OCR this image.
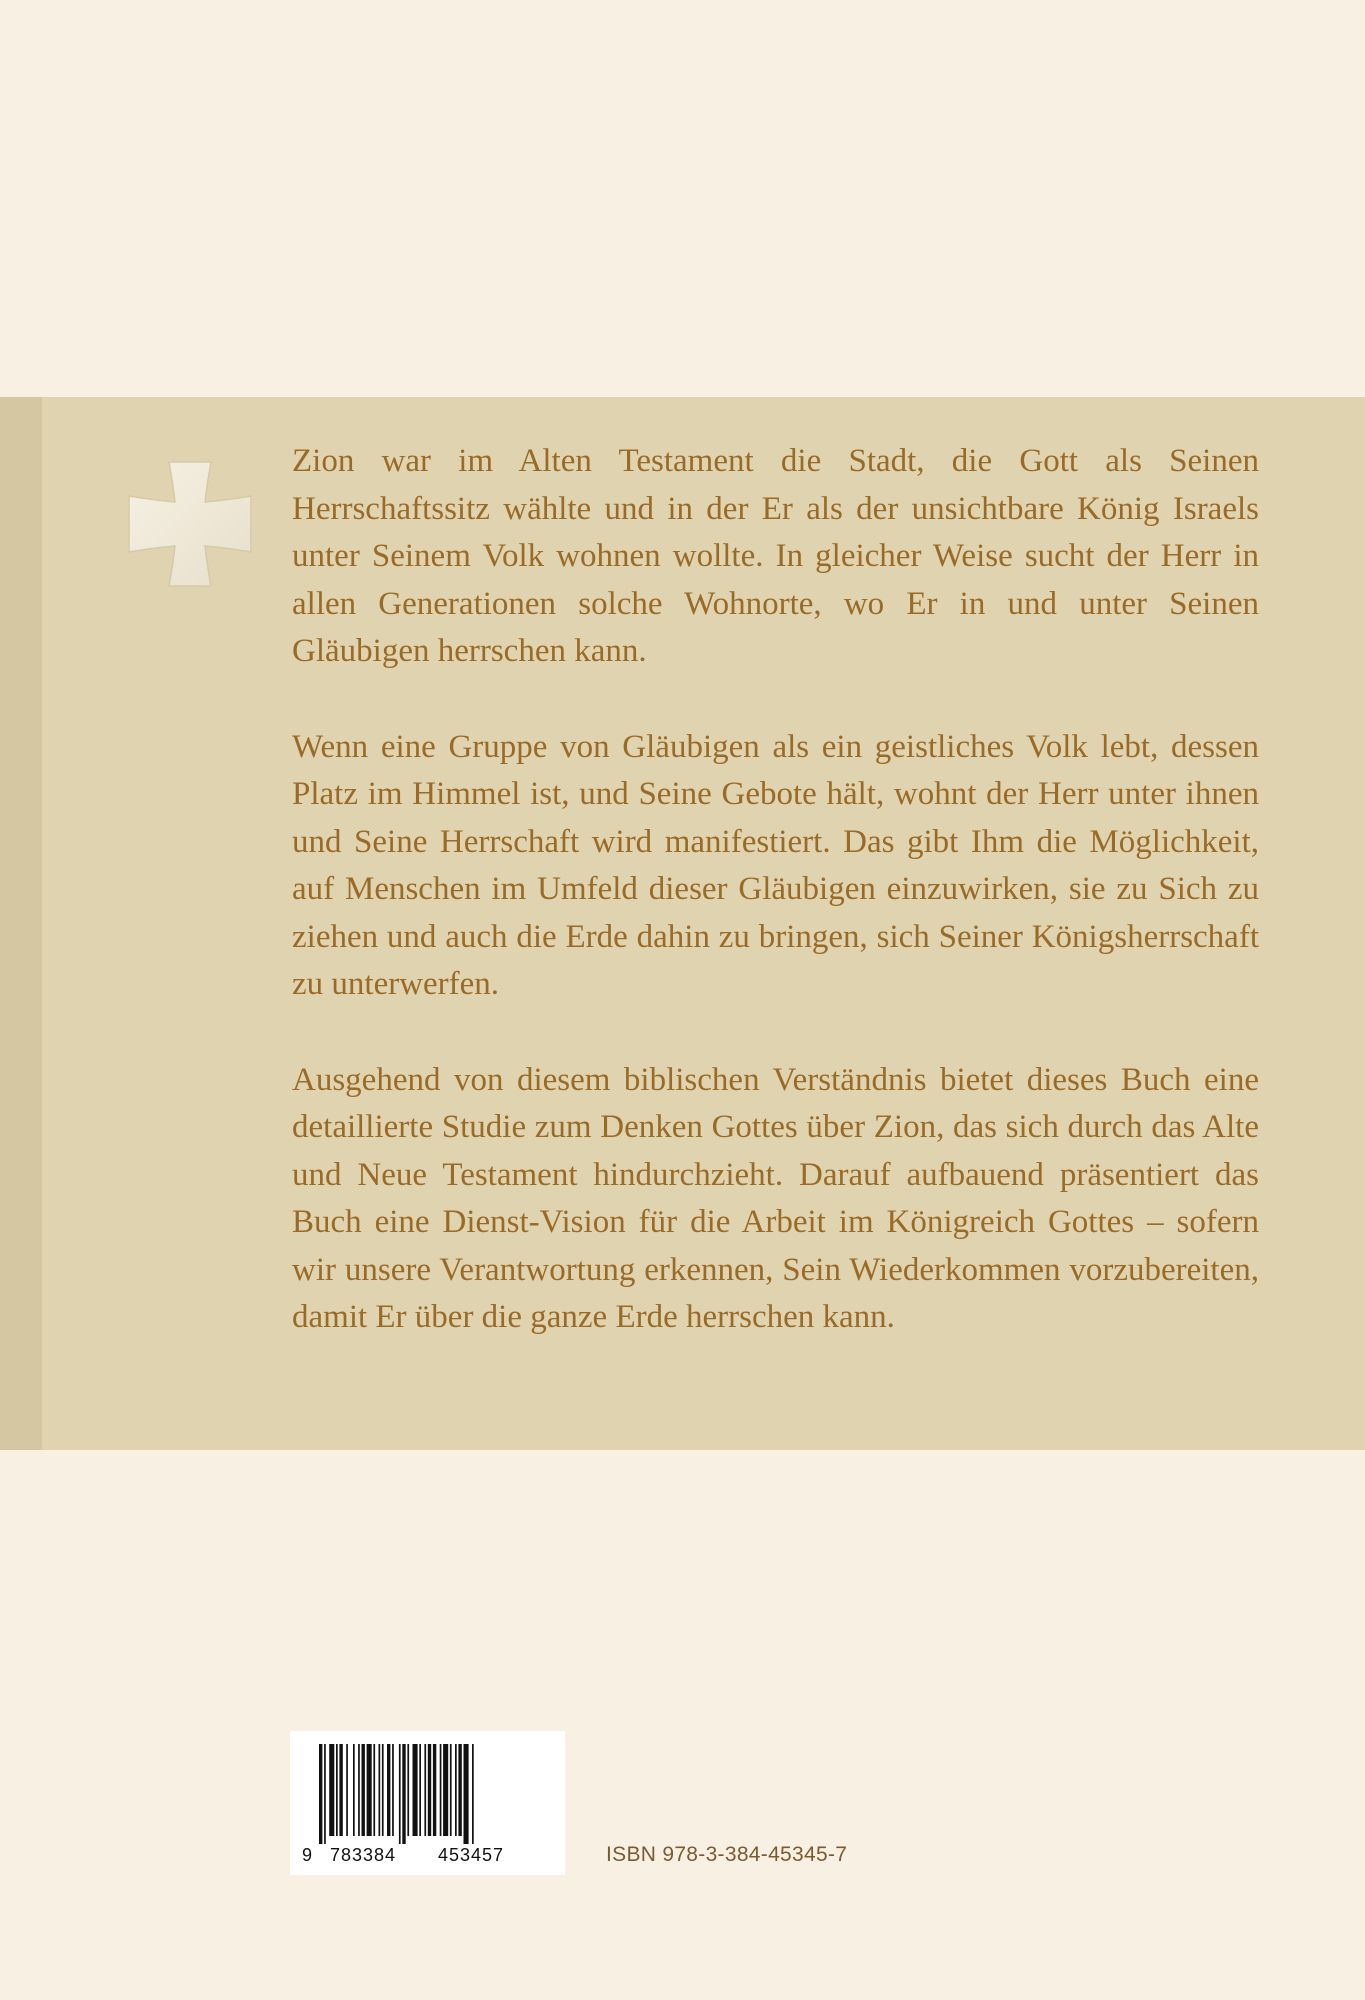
Zion war im Alten Testament die Stadt, die Gott als Seinen Herrschaftssitz wählte und in der Er als der unsichtbare König Israels unter Seinem Volk wohnen wollte. In gleicher Weise sucht der Herr in allen Generationen solche Wohnorte, wo Er in und unter Seinen Gläubigen herrschen kann.

Wenn eine Gruppe von Gläubigen als ein geistliches Volk lebt, dessen Platz im Himmel ist, und Seine Gebote hält, wohnt der Herr unter ihnen und Seine Herrschaft wird manifestiert. Das gibt Ihm die Möglichkeit, auf Menschen im Umfeld dieser Gläubigen einzuwirken, sie zu Sich zu ziehen und auch die Erde dahin zu bringen, sich Seiner Königsherrschaft zu unterwerfen.

Ausgehend von diesem biblischen Verständnis bietet dieses Buch eine detaillierte Studie zum Denken Gottes über Zion, das sich durch das Alte und Neue Testament hindurchzieht. Darauf aufbauend präsentiert das Buch eine Dienst-Vision für die Arbeit im Königreich Gottes – sofern wir unsere Verantwortung erkennen, Sein Wiederkommen vorzubereiten, damit Er über die ganze Erde herrschen kann.

9 783384 453457	ISBN 978-3-384-45345-7
